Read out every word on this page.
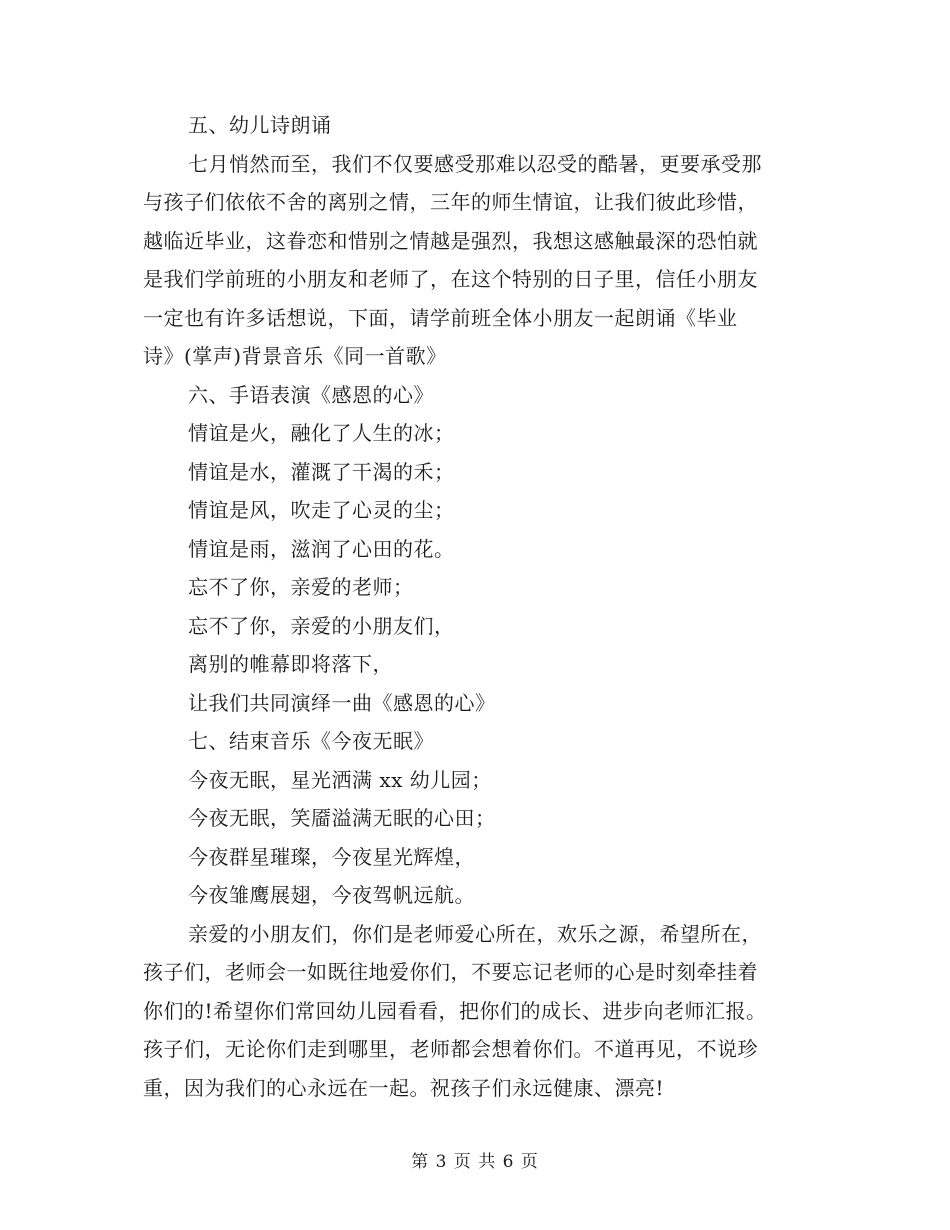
五、幼儿诗朗诵
七月悄然而至，我们不仅要感受那难以忍受的酷暑，更要承受那
与孩子们依依不舍的离别之情，三年的师生情谊，让我们彼此珍惜，
越临近毕业，这眷恋和惜别之情越是强烈，我想这感触最深的恐怕就
是我们学前班的小朋友和老师了，在这个特别的日子里，信任小朋友
一定也有许多话想说，下面，请学前班全体小朋友一起朗诵《毕业
诗》(掌声)背景音乐《同一首歌》
六、手语表演《感恩的心》
情谊是火，融化了人生的冰；
情谊是水，灌溉了干渴的禾；
情谊是风，吹走了心灵的尘；
情谊是雨，滋润了心田的花。
忘不了你，亲爱的老师；
忘不了你，亲爱的小朋友们，
离别的帷幕即将落下，
让我们共同演绎一曲《感恩的心》
七、结束音乐《今夜无眠》
今夜无眠，星光洒满 xx 幼儿园；
今夜无眠，笑靥溢满无眠的心田；
今夜群星璀璨，今夜星光辉煌，
今夜雏鹰展翅，今夜驾帆远航。
亲爱的小朋友们，你们是老师爱心所在，欢乐之源，希望所在，
孩子们，老师会一如既往地爱你们，不要忘记老师的心是时刻牵挂着
你们的!希望你们常回幼儿园看看，把你们的成长、进步向老师汇报。
孩子们，无论你们走到哪里，老师都会想着你们。不道再见，不说珍
重，因为我们的心永远在一起。祝孩子们永远健康、漂亮!
第 3 页 共 6 页
